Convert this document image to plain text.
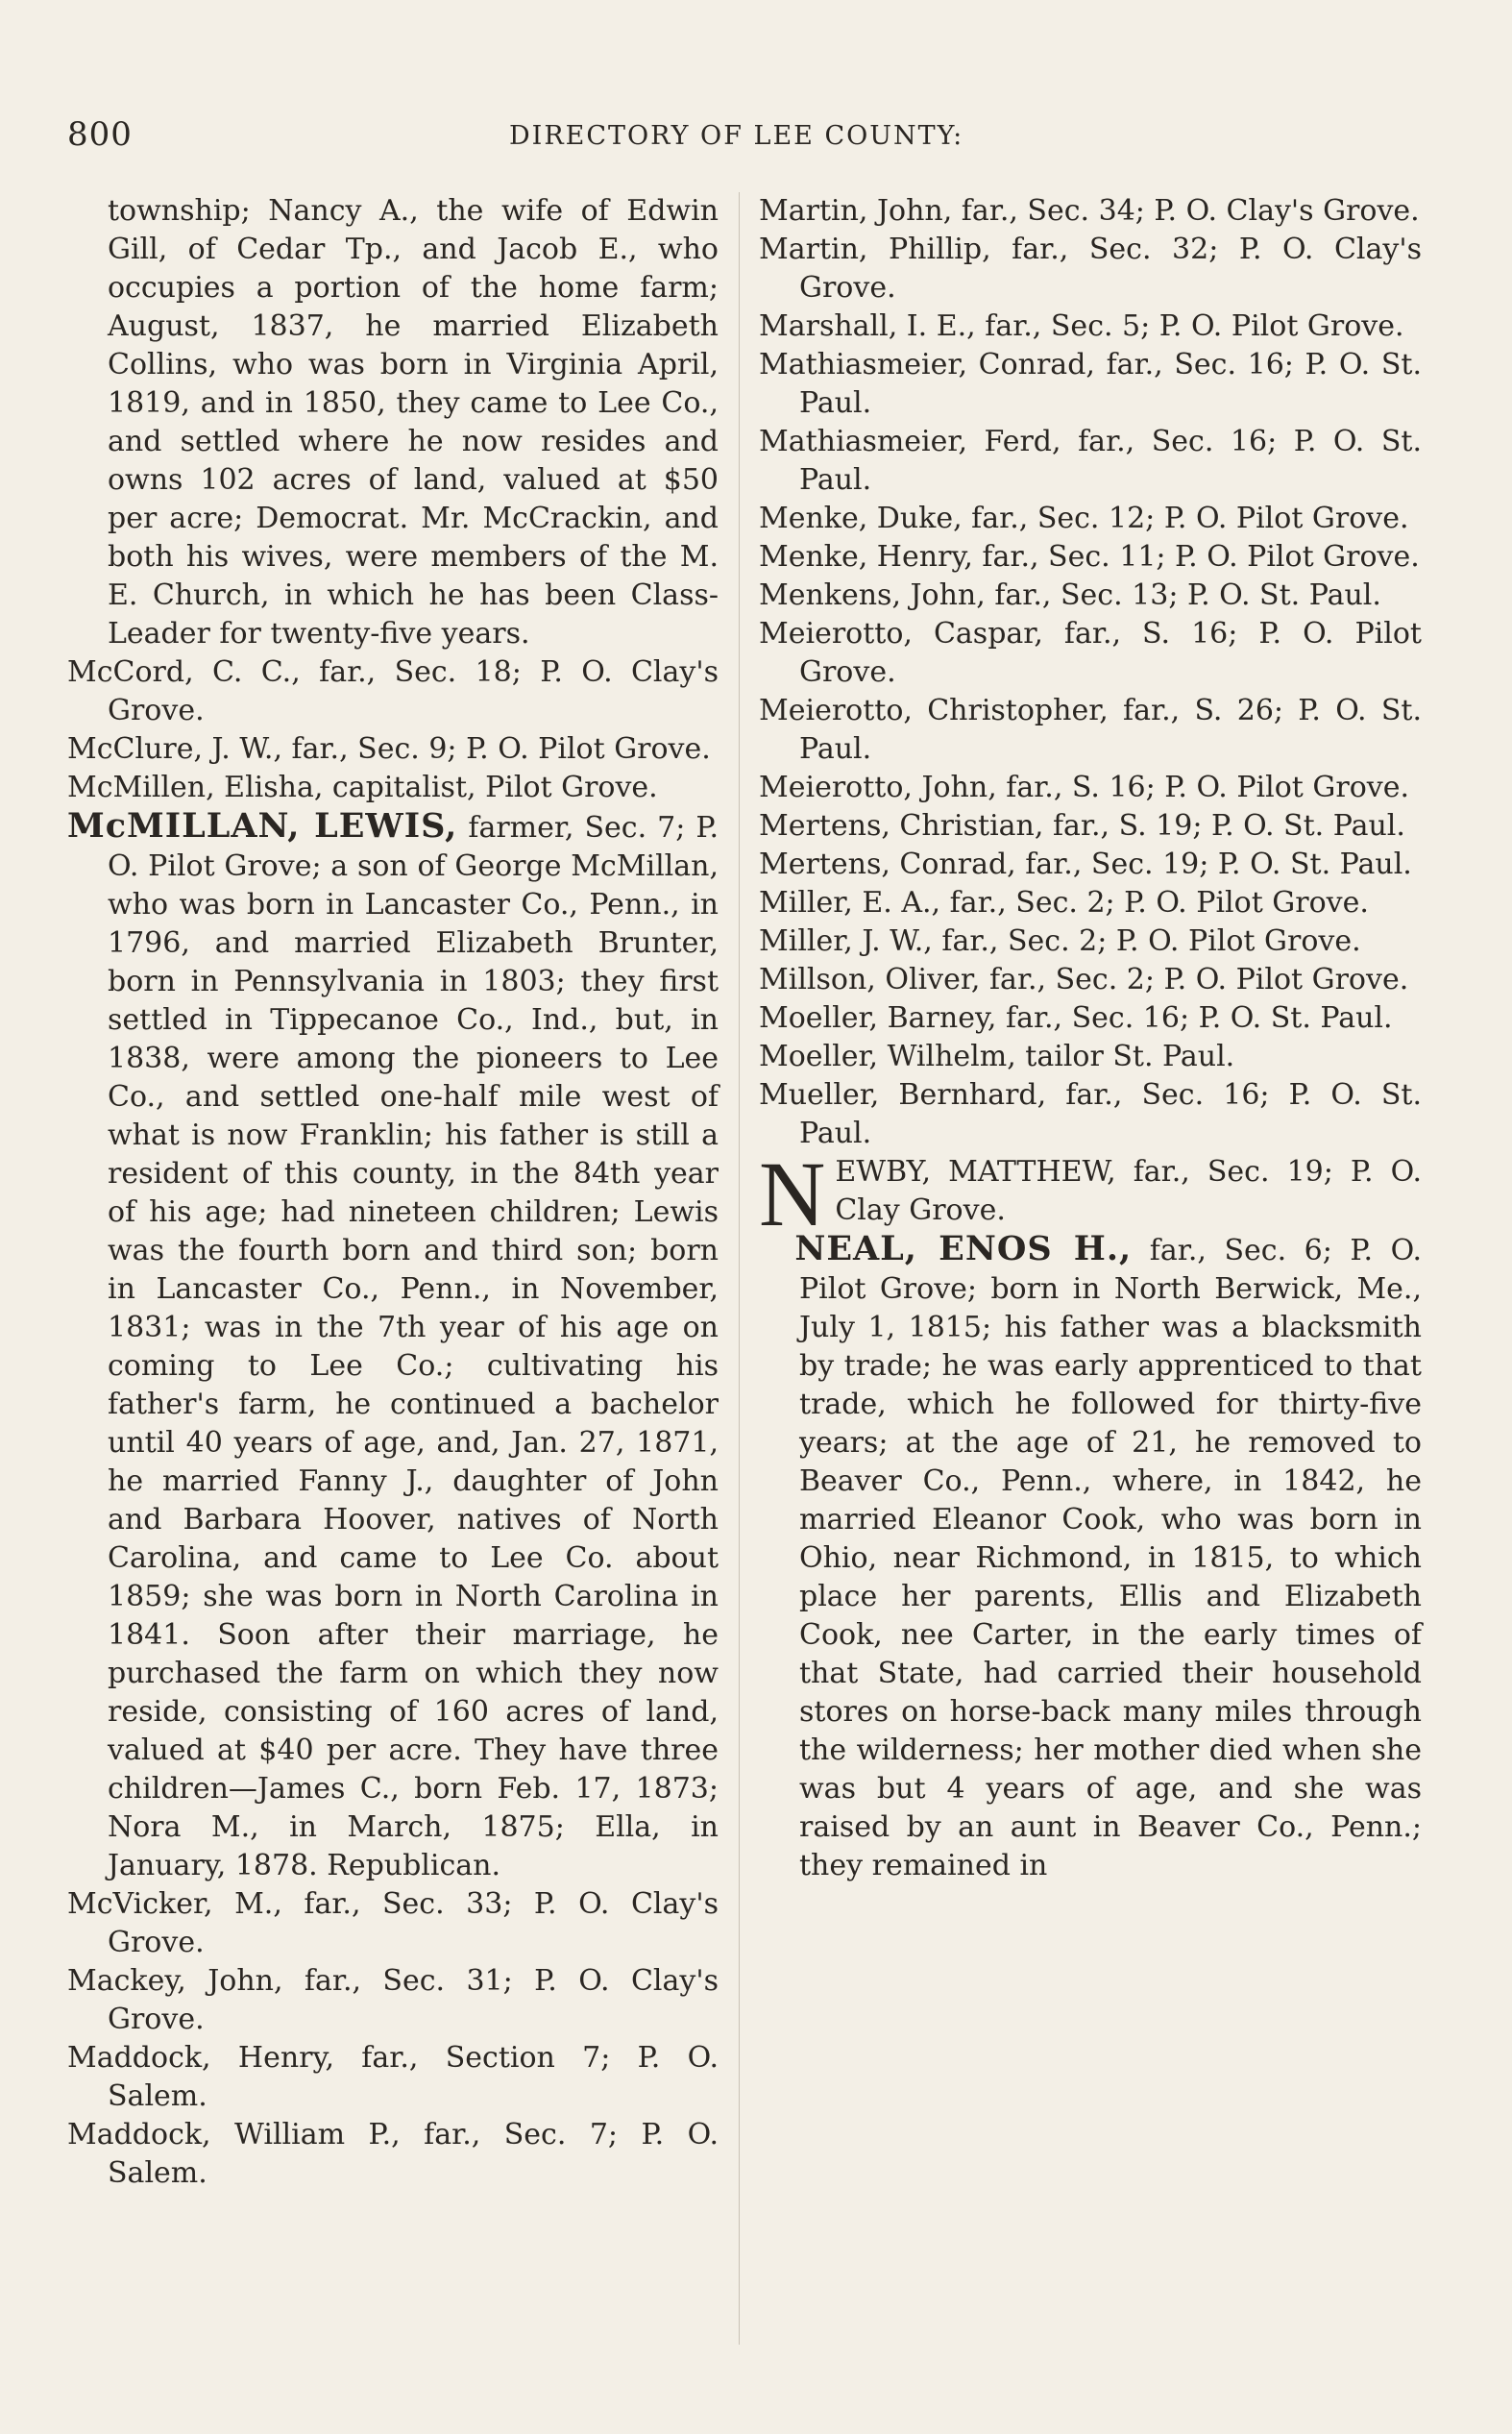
800	DIRECTORY OF LEE COUNTY:

township; Nancy A., the wife of Edwin Gill, of Cedar Tp., and Jacob E., who occupies a portion of the home farm; August, 1837, he married Elizabeth Collins, who was born in Virginia April, 1819, and in 1850, they came to Lee Co., and settled where he now resides and owns 102 acres of land, valued at $50 per acre; Democrat. Mr. McCrackin, and both his wives, were members of the M. E. Church, in which he has been Class-Leader for twenty-five years.

McCord, C. C., far., Sec. 18; P. O. Clay's Grove.

McClure, J. W., far., Sec. 9; P. O. Pilot Grove.

McMillen, Elisha, capitalist, Pilot Grove.

McMILLAN, LEWIS, farmer, Sec. 7; P. O. Pilot Grove; a son of George McMillan, who was born in Lancaster Co., Penn., in 1796, and married Elizabeth Brunter, born in Pennsylvania in 1803; they first settled in Tippecanoe Co., Ind., but, in 1838, were among the pioneers to Lee Co., and settled one-half mile west of what is now Franklin; his father is still a resident of this county, in the 84th year of his age; had nineteen children; Lewis was the fourth born and third son; born in Lancaster Co., Penn., in November, 1831; was in the 7th year of his age on coming to Lee Co.; cultivating his father's farm, he continued a bachelor until 40 years of age, and, Jan. 27, 1871, he married Fanny J., daughter of John and Barbara Hoover, natives of North Carolina, and came to Lee Co. about 1859; she was born in North Carolina in 1841. Soon after their marriage, he purchased the farm on which they now reside, consisting of 160 acres of land, valued at $40 per acre. They have three children—James C., born Feb. 17, 1873; Nora M., in March, 1875; Ella, in January, 1878. Republican.

McVicker, M., far., Sec. 33; P. O. Clay's Grove.

Mackey, John, far., Sec. 31; P. O. Clay's Grove.

Maddock, Henry, far., Section 7; P. O. Salem.

Maddock, William P., far., Sec. 7; P. O. Salem.

Martin, John, far., Sec. 34; P. O. Clay's Grove.

Martin, Phillip, far., Sec. 32; P. O. Clay's Grove.

Marshall, I. E., far., Sec. 5; P. O. Pilot Grove.

Mathiasmeier, Conrad, far., Sec. 16; P. O. St. Paul.

Mathiasmeier, Ferd, far., Sec. 16; P. O. St. Paul.

Menke, Duke, far., Sec. 12; P. O. Pilot Grove.

Menke, Henry, far., Sec. 11; P. O. Pilot Grove.

Menkens, John, far., Sec. 13; P. O. St. Paul.

Meierotto, Caspar, far., S. 16; P. O. Pilot Grove.

Meierotto, Christopher, far., S. 26; P. O. St. Paul.

Meierotto, John, far., S. 16; P. O. Pilot Grove.

Mertens, Christian, far., S. 19; P. O. St. Paul.

Mertens, Conrad, far., Sec. 19; P. O. St. Paul.

Miller, E. A., far., Sec. 2; P. O. Pilot Grove.

Miller, J. W., far., Sec. 2; P. O. Pilot Grove.

Millson, Oliver, far., Sec. 2; P. O. Pilot Grove.

Moeller, Barney, far., Sec. 16; P. O. St. Paul.

Moeller, Wilhelm, tailor St. Paul.

Mueller, Bernhard, far., Sec. 16; P. O. St. Paul.

NEWBY, MATTHEW, far., Sec. 19; P. O. Clay Grove.

NEAL, ENOS H., far., Sec. 6; P. O. Pilot Grove; born in North Berwick, Me., July 1, 1815; his father was a blacksmith by trade; he was early apprenticed to that trade, which he followed for thirty-five years; at the age of 21, he removed to Beaver Co., Penn., where, in 1842, he married Eleanor Cook, who was born in Ohio, near Richmond, in 1815, to which place her parents, Ellis and Elizabeth Cook, nee Carter, in the early times of that State, had carried their household stores on horse-back many miles through the wilderness; her mother died when she was but 4 years of age, and she was raised by an aunt in Beaver Co., Penn.; they remained in
